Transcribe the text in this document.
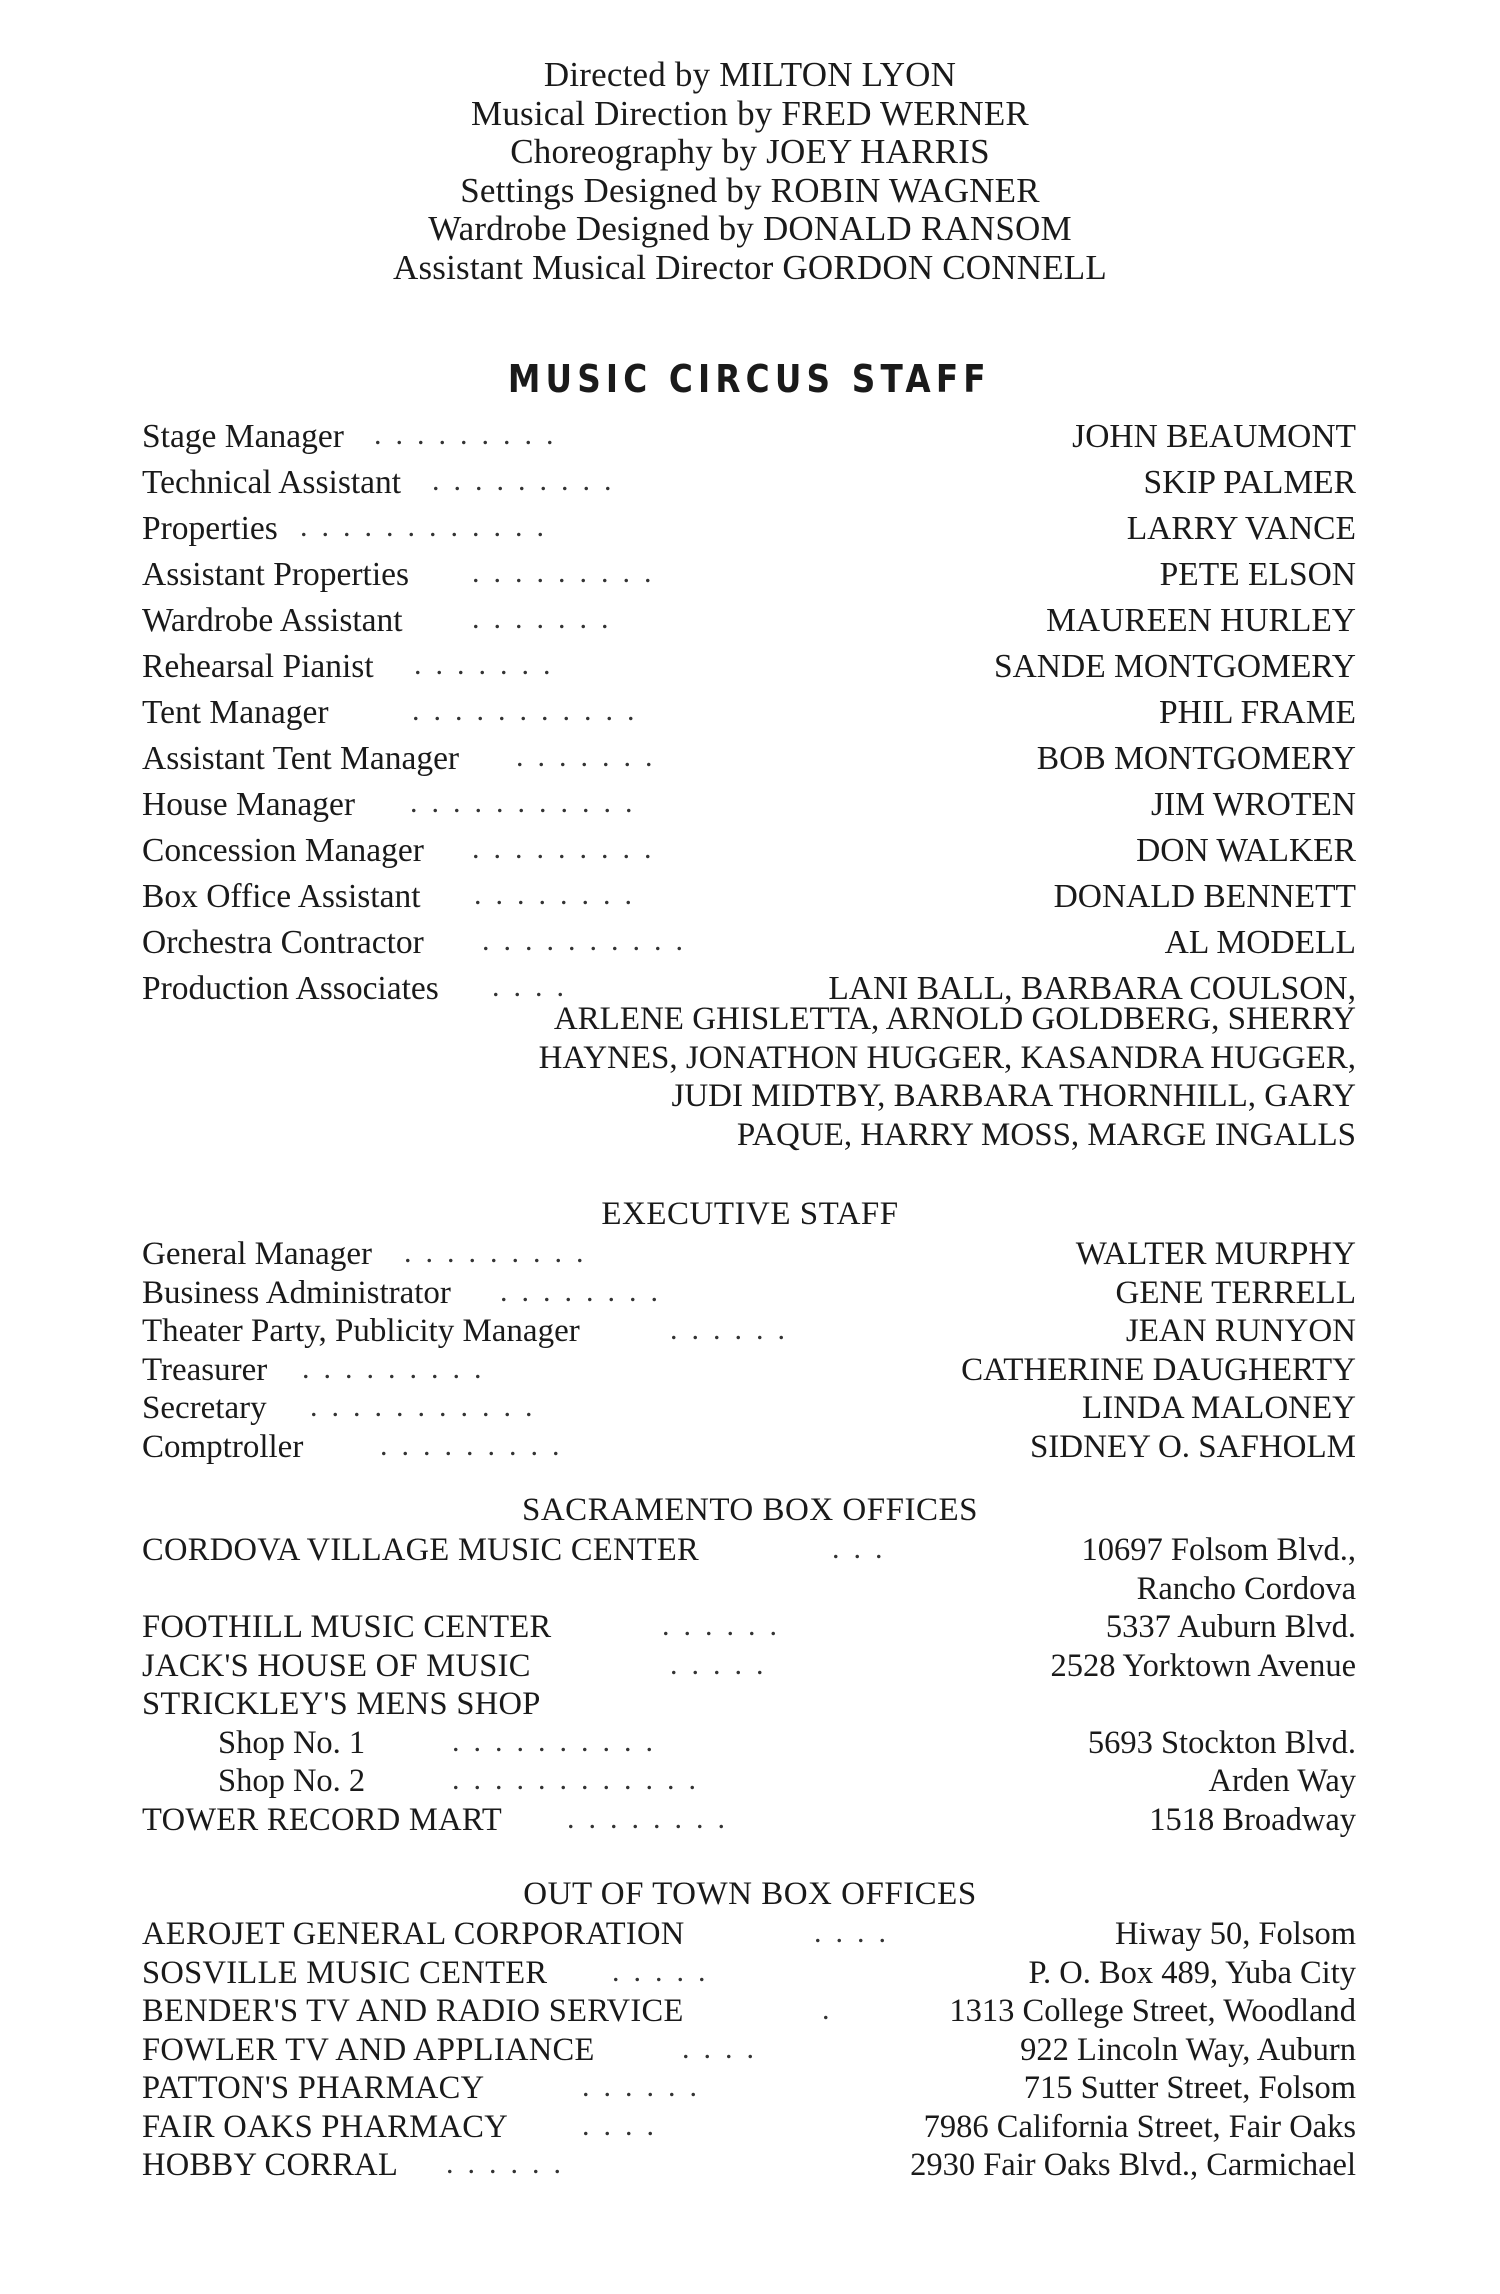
Directed by MILTON LYON
Musical Direction by FRED WERNER
Choreography by JOEY HARRIS
Settings Designed by ROBIN WAGNER
Wardrobe Designed by DONALD RANSOM
Assistant Musical Director GORDON CONNELL
MUSIC CIRCUS STAFF
Stage Manager .........	JOHN BEAUMONT
Technical Assistant .........	SKIP PALMER
Properties ............	LARRY VANCE
Assistant Properties .........	PETE ELSON
Wardrobe Assistant .......	MAUREEN HURLEY
Rehearsal Pianist .......	SANDE MONTGOMERY
Tent Manager	...........	PHIL FRAME
Assistant Tent Manager .......	BOB MONTGOMERY
House Manager ...........	JIM WROTEN
Concession Manager .........	DON WALKER
Box Office Assistant ........	DONALD BENNETT
Orchestra Contractor ..........	AL MODELL
Production Associates ....	LANI BALL, BARBARA COULSON,
ARLENE GHISLETTA, ARNOLD GOLDBERG, SHERRY
HAYNES, JONATHON HUGGER, KASANDRA HUGGER,
JUDI MIDTBY, BARBARA THORNHILL, GARY
PAQUE, HARRY MOSS, MARGE INGALLS
EXECUTIVE STAFF
General Manager .........	WALTER MURPHY
Business Administrator ........	GENE TERRELL
Theater Party, Publicity Manager	......	JEAN RUNYON
Treasurer .........	CATHERINE DAUGHERTY
Secretary ...........	LINDA MALONEY
Comptroller	.........	SIDNEY O. SAFHOLM
SACRAMENTO BOX OFFICES
CORDOVA VILLAGE MUSIC CENTER	...	10697 Folsom Blvd.,
Rancho Cordova
FOOTHILL MUSIC CENTER	......	5337 Auburn Blvd.
JACK'S HOUSE OF MUSIC	.....	2528 Yorktown Avenue
STRICKLEY'S MENS SHOP
Shop No. 1	..........	5693 Stockton Blvd.
Shop No. 2	............	Arden Way
TOWER RECORD MART ........	1518 Broadway
OUT OF TOWN BOX OFFICES
AEROJET GENERAL CORPORATION	....	Hiway 50, Folsom
SOSVILLE MUSIC CENTER .....	P. O. Box 489, Yuba City
BENDER'S TV AND RADIO SERVICE	.	1313 College Street, Woodland
FOWLER TV AND APPLIANCE	....	922 Lincoln Way, Auburn
PATTON'S PHARMACY	......	715 Sutter Street, Folsom
FAIR OAKS PHARMACY ....	7986 California Street, Fair Oaks
HOBBY CORRAL ......	2930 Fair Oaks Blvd., Carmichael
